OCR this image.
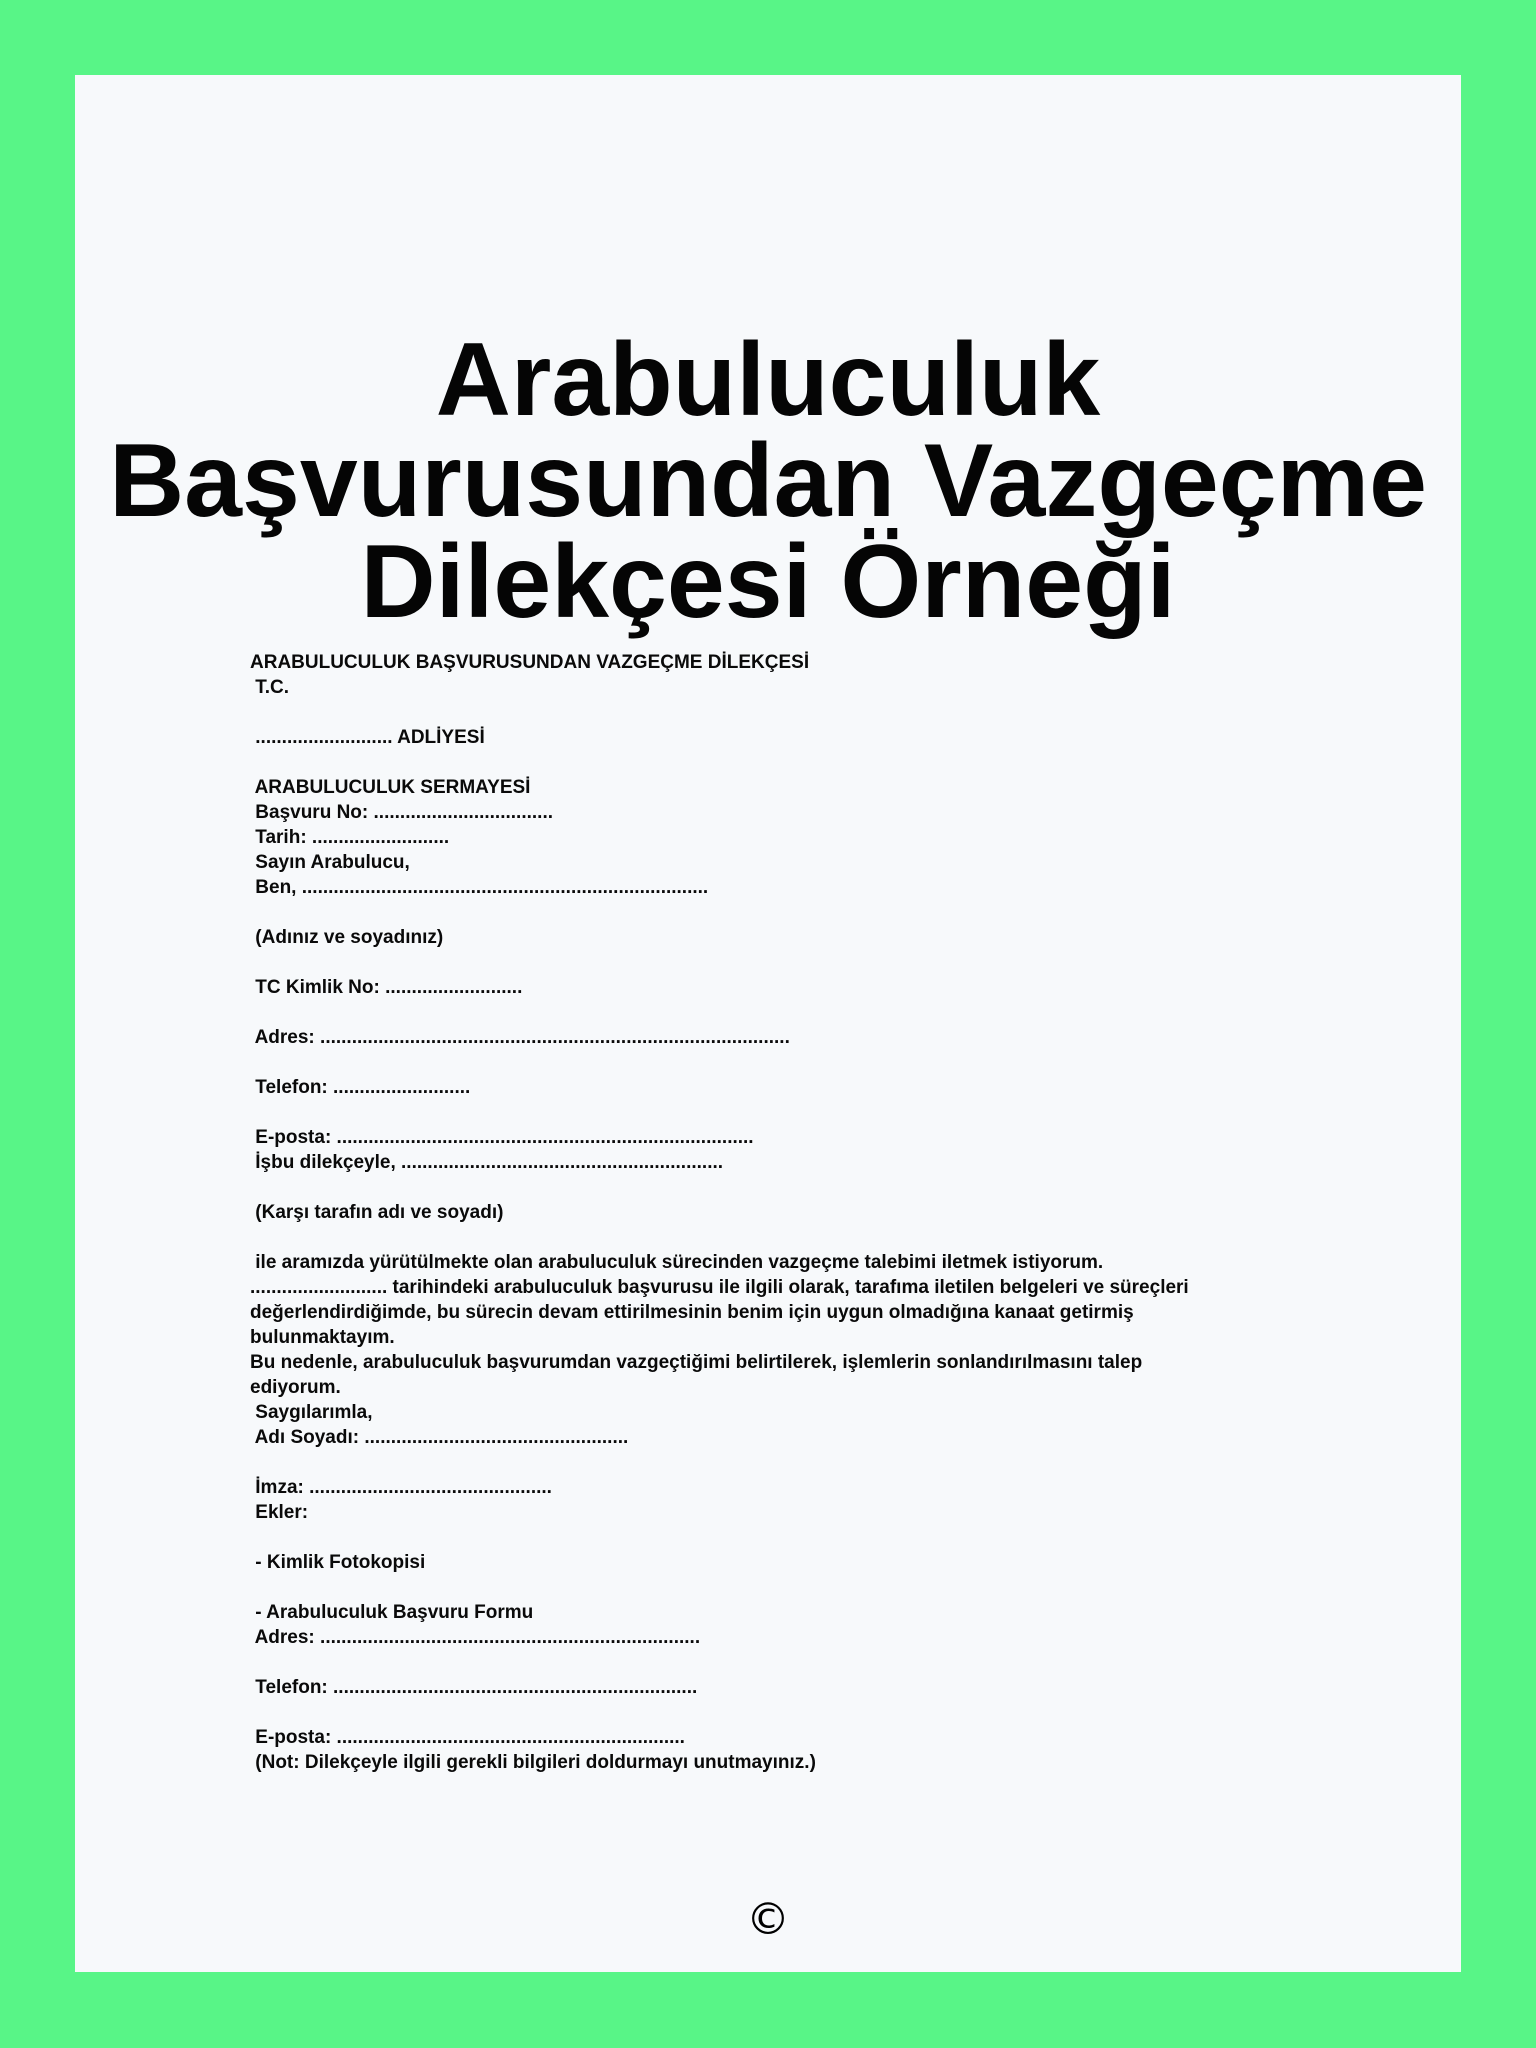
Arabuluculuk
Başvurusundan Vazgeçme
Dilekçesi Örneği
ARABULUCULUK BAŞVURUSUNDAN VAZGEÇME DİLEKÇESİ
T.C.
.......................... ADLİYESİ
ARABULUCULUK SERMAYESİ
Başvuru No: ..................................
Tarih: ..........................
Sayın Arabulucu,
Ben, .............................................................................
(Adınız ve soyadınız)
TC Kimlik No: ..........................
Adres: .........................................................................................
Telefon: ..........................
E-posta: ...............................................................................
İşbu dilekçeyle, .............................................................
(Karşı tarafın adı ve soyadı)
ile aramızda yürütülmekte olan arabuluculuk sürecinden vazgeçme talebimi iletmek istiyorum.
.......................... tarihindeki arabuluculuk başvurusu ile ilgili olarak, tarafıma iletilen belgeleri ve süreçleri
değerlendirdiğimde, bu sürecin devam ettirilmesinin benim için uygun olmadığına kanaat getirmiş
bulunmaktayım.
Bu nedenle, arabuluculuk başvurumdan vazgeçtiğimi belirtilerek, işlemlerin sonlandırılmasını talep
ediyorum.
Saygılarımla,
Adı Soyadı: ..................................................
İmza: ..............................................
Ekler:
- Kimlik Fotokopisi
- Arabuluculuk Başvuru Formu
Adres: ........................................................................
Telefon: .....................................................................
E-posta: ..................................................................
(Not: Dilekçeyle ilgili gerekli bilgileri doldurmayı unutmayınız.)
©
